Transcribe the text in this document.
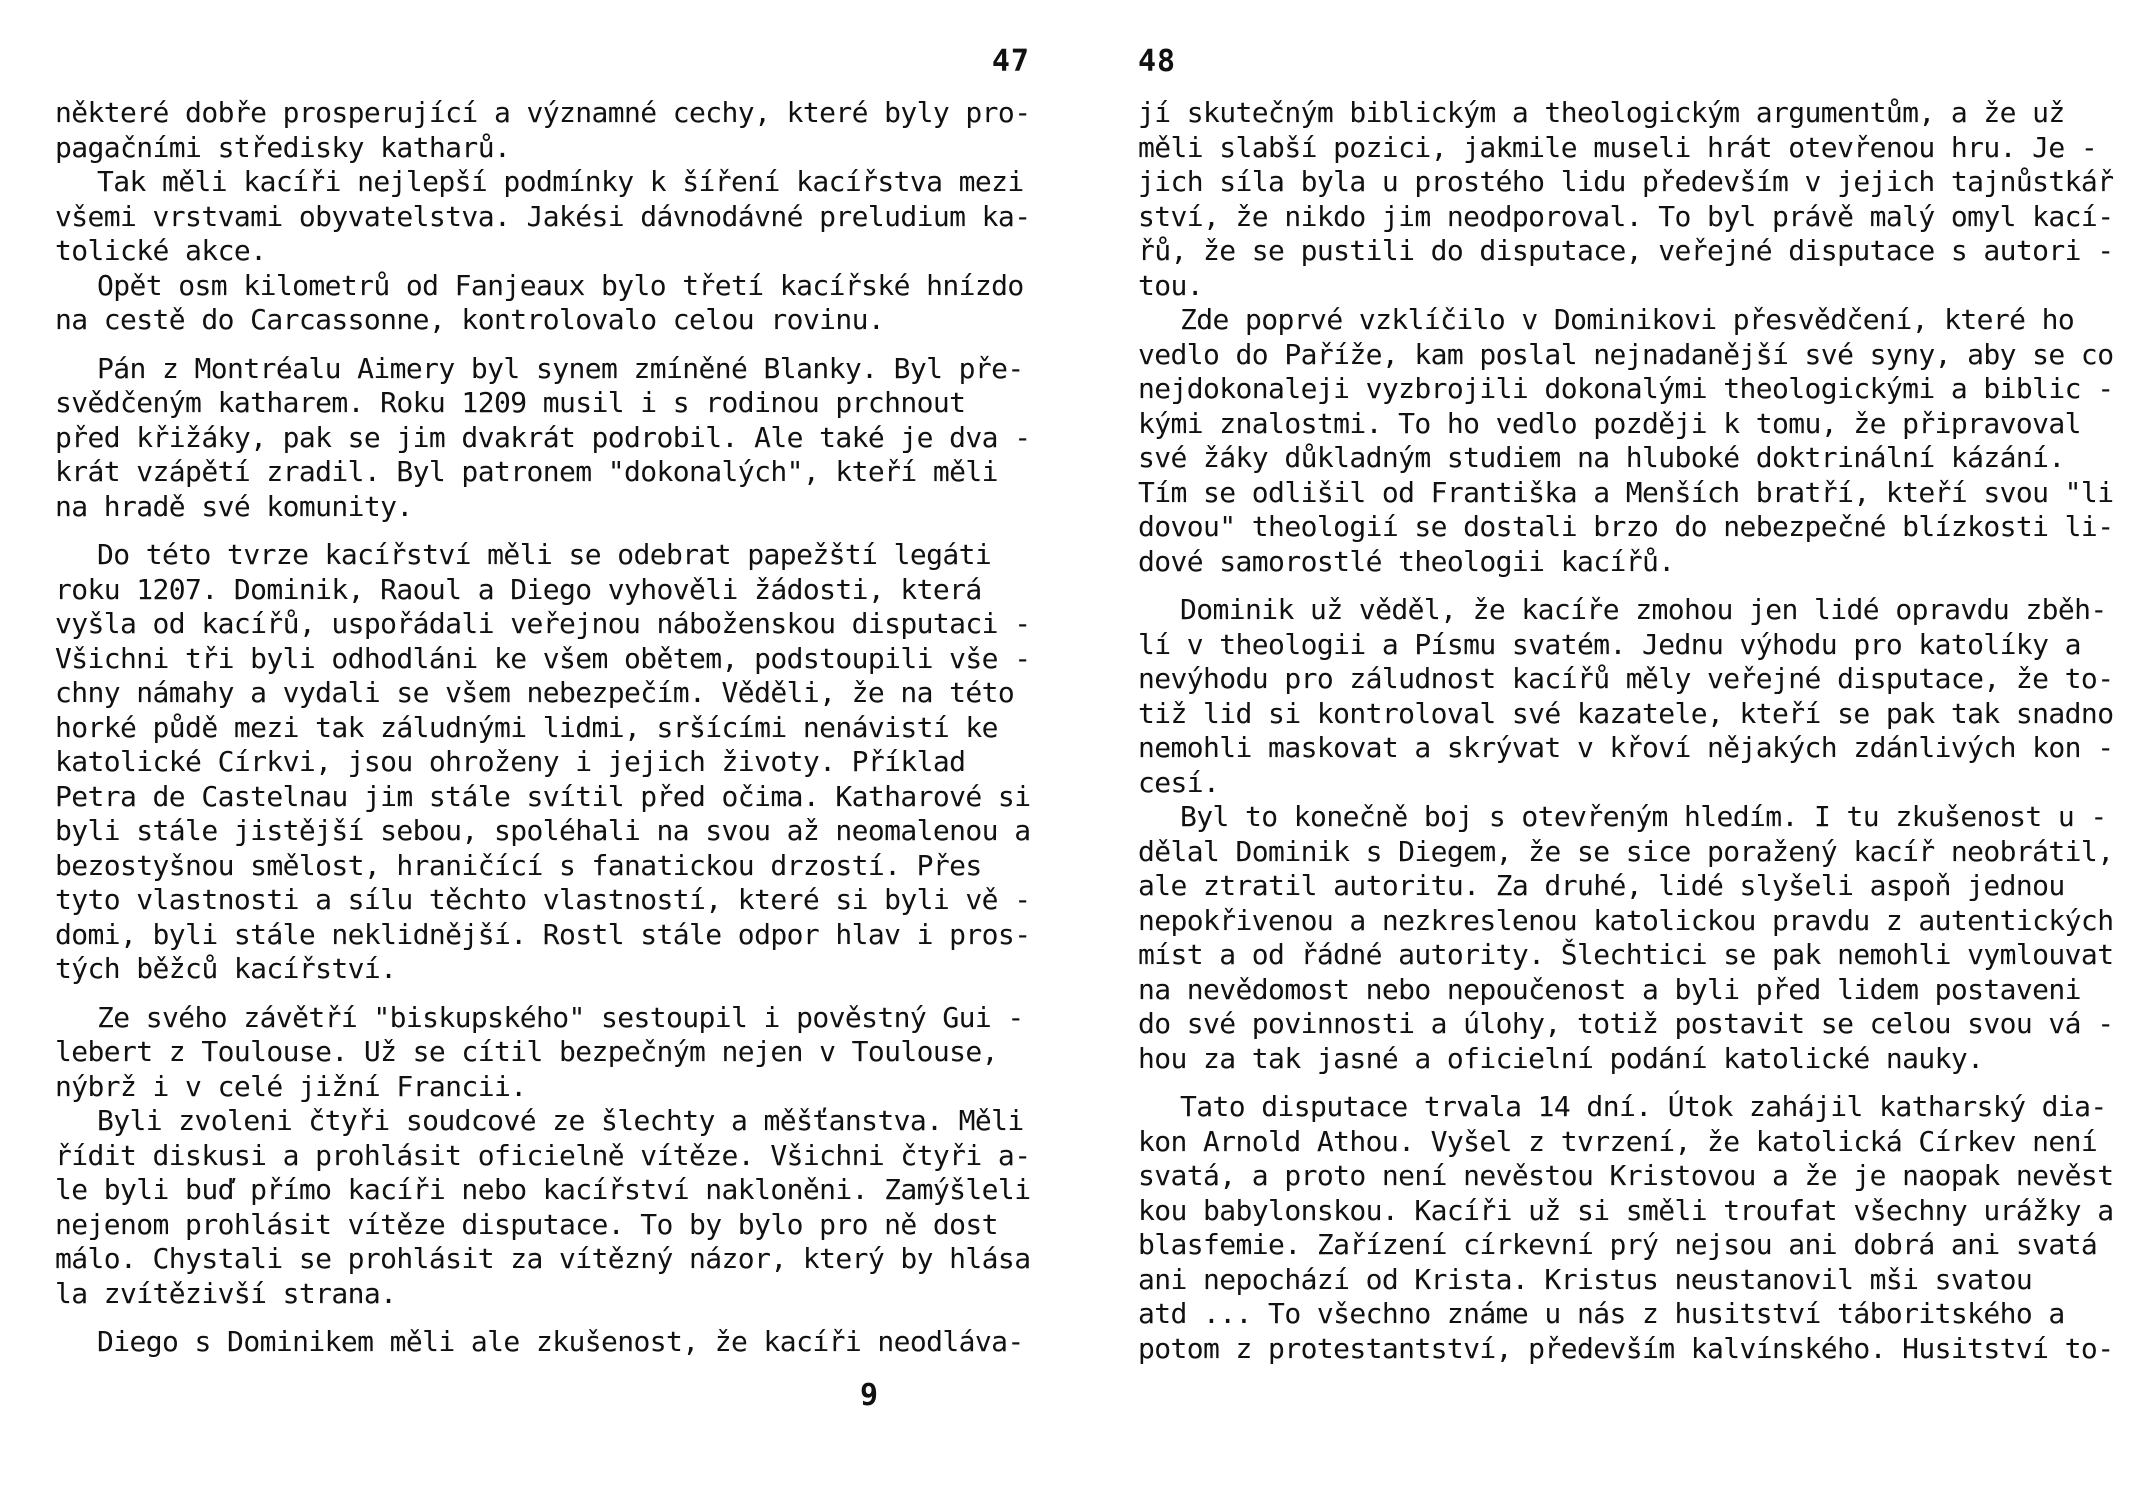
47

některé dobře prosperující a významné cechy, které byly pro-
pagačními středisky katharů.

Tak měli kacíři nejlepší podmínky k šíření kacířstva mezi
všemi vrstvami obyvatelstva. Jakési dávnodávné preludium ka-
tolické akce.

Opět osm kilometrů od Fanjeaux bylo třetí kacířské hnízdo
na cestě do Carcassonne, kontrolovalo celou rovinu.

Pán z Montréalu Aimery byl synem zmíněné Blanky. Byl pře-
svědčeným katharem. Roku 1209 musil i s rodinou prchnout
před křižáky, pak se jim dvakrát podrobil. Ale také je dva -
krát vzápětí zradil. Byl patronem "dokonalých", kteří měli
na hradě své komunity.

Do této tvrze kacířství měli se odebrat papežští legáti
roku 1207. Dominik, Raoul a Diego vyhověli žádosti, která
vyšla od kacířů, uspořádali veřejnou náboženskou disputaci -
Všichni tři byli odhodláni ke všem obětem, podstoupili vše -
chny námahy a vydali se všem nebezpečím. Věděli, že na této
horké půdě mezi tak záludnými lidmi, sršícími nenávistí ke
katolické Církvi, jsou ohroženy i jejich životy. Příklad
Petra de Castelnau jim stále svítil před očima. Katharové si
byli stále jistější sebou, spoléhali na svou až neomalenou a
bezostyšnou smělost, hraničící s fanatickou drzostí. Přes
tyto vlastnosti a sílu těchto vlastností, které si byli vě -
domi, byli stále neklidnější. Rostl stále odpor hlav i pros-
tých běžců kacířství.

Ze svého závětří "biskupského" sestoupil i pověstný Gui -
lebert z Toulouse. Už se cítil bezpečným nejen v Toulouse,
nýbrž i v celé jižní Francii.

Byli zvoleni čtyři soudcové ze šlechty a měšťanstva. Měli
řídit diskusi a prohlásit oficielně vítěze. Všichni čtyři a-
le byli buď přímo kacíři nebo kacířství nakloněni. Zamýšleli
nejenom prohlásit vítěze disputace. To by bylo pro ně dost
málo. Chystali se prohlásit za vítězný názor, který by hlása
la zvítězivší strana.

Diego s Dominikem měli ale zkušenost, že kacíři neodláva-

48

jí skutečným biblickým a theologickým argumentům, a že už
měli slabší pozici, jakmile museli hrát otevřenou hru. Je -
jich síla byla u prostého lidu především v jejich tajnůstkář
ství, že nikdo jim neodporoval. To byl právě malý omyl kací-
řů, že se pustili do disputace, veřejné disputace s autori -
tou.

Zde poprvé vzklíčilo v Dominikovi přesvědčení, které ho
vedlo do Paříže, kam poslal nejnadanější své syny, aby se co
nejdokonaleji vyzbrojili dokonalými theologickými a biblic -
kými znalostmi. To ho vedlo později k tomu, že připravoval
své žáky důkladným studiem na hluboké doktrinální kázání.
Tím se odlišil od Františka a Menších bratří, kteří svou "li
dovou" theologií se dostali brzo do nebezpečné blízkosti li-
dové samorostlé theologii kacířů.

Dominik už věděl, že kacíře zmohou jen lidé opravdu zběh-
lí v theologii a Písmu svatém. Jednu výhodu pro katolíky a
nevýhodu pro záludnost kacířů měly veřejné disputace, že to-
tiž lid si kontroloval své kazatele, kteří se pak tak snadno
nemohli maskovat a skrývat v křoví nějakých zdánlivých kon -
cesí.

Byl to konečně boj s otevřeným hledím. I tu zkušenost u -
dělal Dominik s Diegem, že se sice poražený kacíř neobrátil,
ale ztratil autoritu. Za druhé, lidé slyšeli aspoň jednou
nepokřivenou a nezkreslenou katolickou pravdu z autentických
míst a od řádné autority. Šlechtici se pak nemohli vymlouvat
na nevědomost nebo nepoučenost a byli před lidem postaveni
do své povinnosti a úlohy, totiž postavit se celou svou vá -
hou za tak jasné a oficielní podání katolické nauky.

Tato disputace trvala 14 dní. Útok zahájil katharský dia-
kon Arnold Athou. Vyšel z tvrzení, že katolická Církev není
svatá, a proto není nevěstou Kristovou a že je naopak nevěst
kou babylonskou. Kacíři už si směli troufat všechny urážky a
blasfemie. Zařízení církevní prý nejsou ani dobrá ani svatá
ani nepochází od Krista. Kristus neustanovil mši svatou
atd ... To všechno známe u nás z husitství táboritského a
potom z protestantství, především kalvínského. Husitství to-

9
